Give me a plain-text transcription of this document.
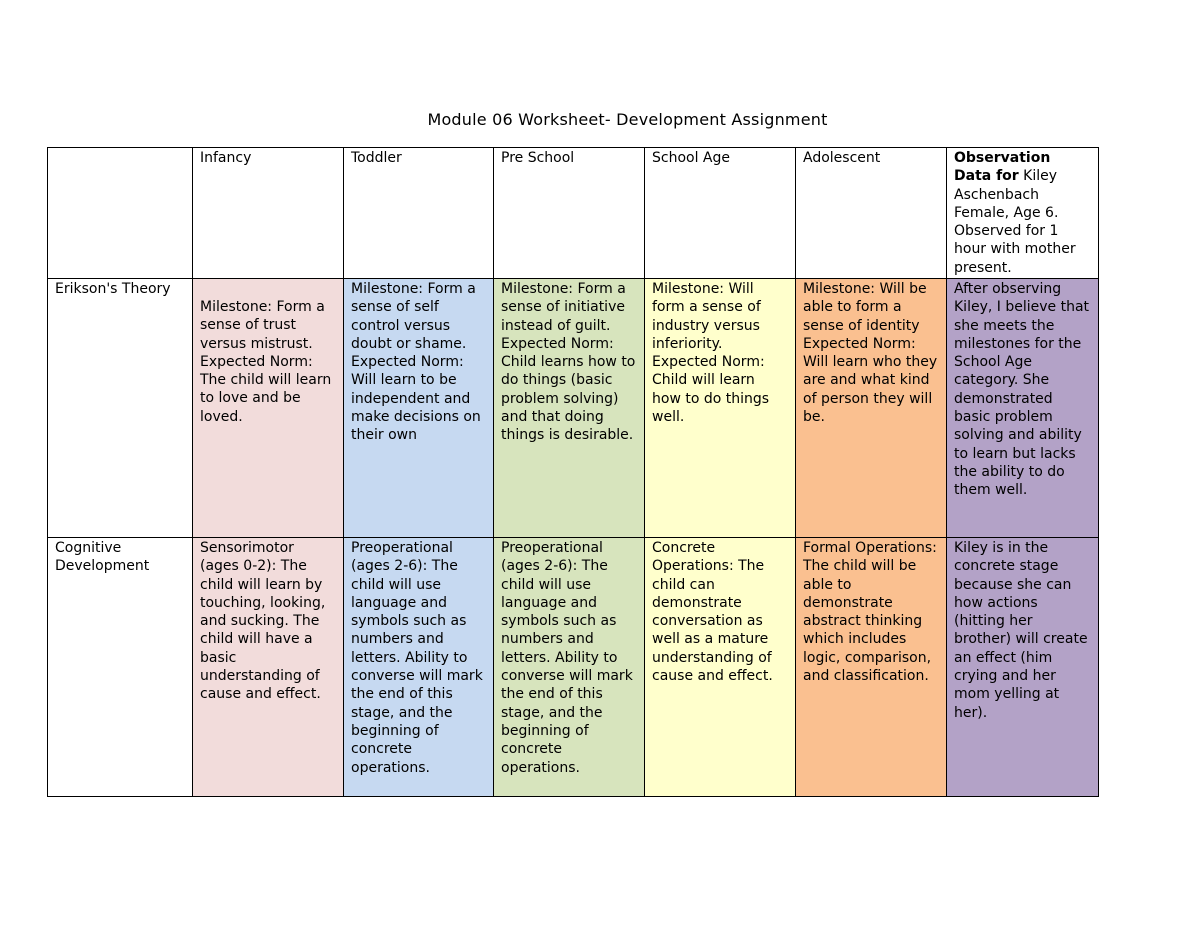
Module 06 Worksheet- Development Assignment
	Infancy	Toddler	Pre School	School Age	Adolescent	Observation Data for Kiley Aschenbach Female, Age 6. Observed for 1 hour with mother present.
Erikson's Theory	Milestone: Form a sense of trust versus mistrust. Expected Norm: The child will learn to love and be loved.	Milestone: Form a sense of self control versus doubt or shame. Expected Norm: Will learn to be independent and make decisions on their own	Milestone: Form a sense of initiative instead of guilt. Expected Norm: Child learns how to do things (basic problem solving) and that doing things is desirable.	Milestone: Will form a sense of industry versus inferiority. Expected Norm: Child will learn how to do things well.	Milestone: Will be able to form a sense of identity Expected Norm: Will learn who they are and what kind of person they will be.	After observing Kiley, I believe that she meets the milestones for the School Age category. She demonstrated basic problem solving and ability to learn but lacks the ability to do them well.
Cognitive Development	Sensorimotor (ages 0-2): The child will learn by touching, looking, and sucking. The child will have a basic understanding of cause and effect.	Preoperational (ages 2-6): The child will use language and symbols such as numbers and letters. Ability to converse will mark the end of this stage, and the beginning of concrete operations.	Preoperational (ages 2-6): The child will use language and symbols such as numbers and letters. Ability to converse will mark the end of this stage, and the beginning of concrete operations.	Concrete Operations: The child can demonstrate conversation as well as a mature understanding of cause and effect.	Formal Operations: The child will be able to demonstrate abstract thinking which includes logic, comparison, and classification.	Kiley is in the concrete stage because she can how actions (hitting her brother) will create an effect (him crying and her mom yelling at her).
